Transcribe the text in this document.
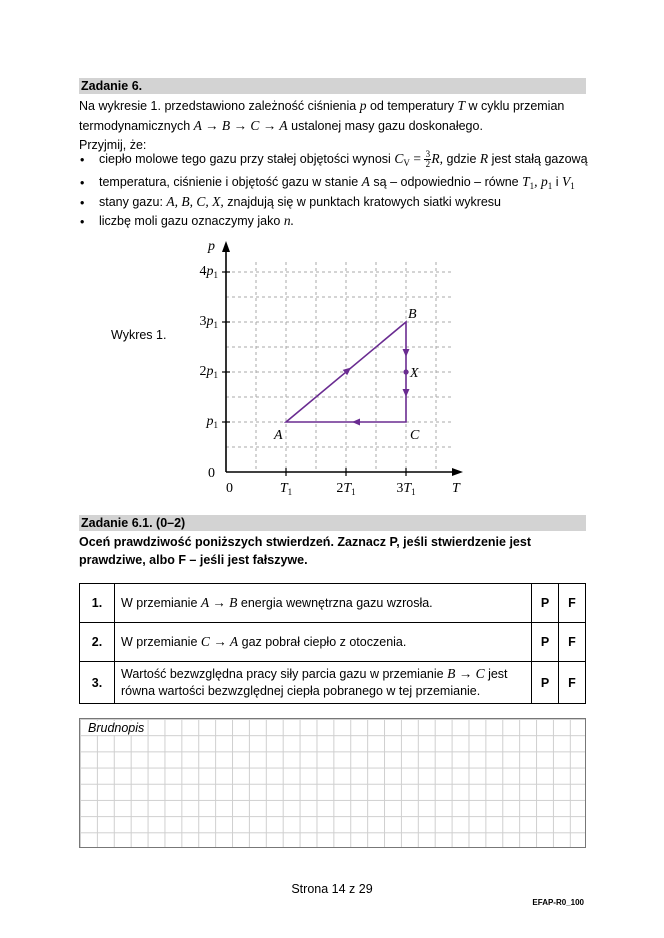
Zadanie 6.
Na wykresie 1. przedstawiono zależność ciśnienia p od temperatury T w cyklu przemian
termodynamicznych A → B → C → A ustalonej masy gazu doskonałego.
Przyjmij, że:
• ciepło molowe tego gazu przy stałej objętości wynosi $C_V = \frac{3}{2} R$, gdzie R jest stałą gazową
• temperatura, ciśnienie i objętość gazu w stanie A są – odpowiednio – równe $T_1$, $p_1$ i $V_1$
• stany gazu: A, B, C, X, znajdują się w punktach kratowych siatki wykresu
• liczbę moli gazu oznaczymy jako n.
Wykres 1.
p
T
0
0
$p_1$
$2p_1$
$3p_1$
$4p_1$
$T_1$	$2T_1$	$3T_1$
A
B
C
X
Zadanie 6.1. (0–2)
Oceń prawdziwość poniższych stwierdzeń. Zaznacz P, jeśli stwierdzenie jest
prawdziwe, albo F – jeśli jest fałszywe.
1.	W przemianie A → B energia wewnętrzna gazu wzrosła.	P	F
2.	W przemianie C → A gaz pobrał ciepło z otoczenia.	P	F
3.	Wartość bezwzględna pracy siły parcia gazu w przemianie B → C jest
równa wartości bezwzględnej ciepła pobranego w tej przemianie.	P	F
Brudnopis
Strona 14 z 29
EFAP-R0_100
